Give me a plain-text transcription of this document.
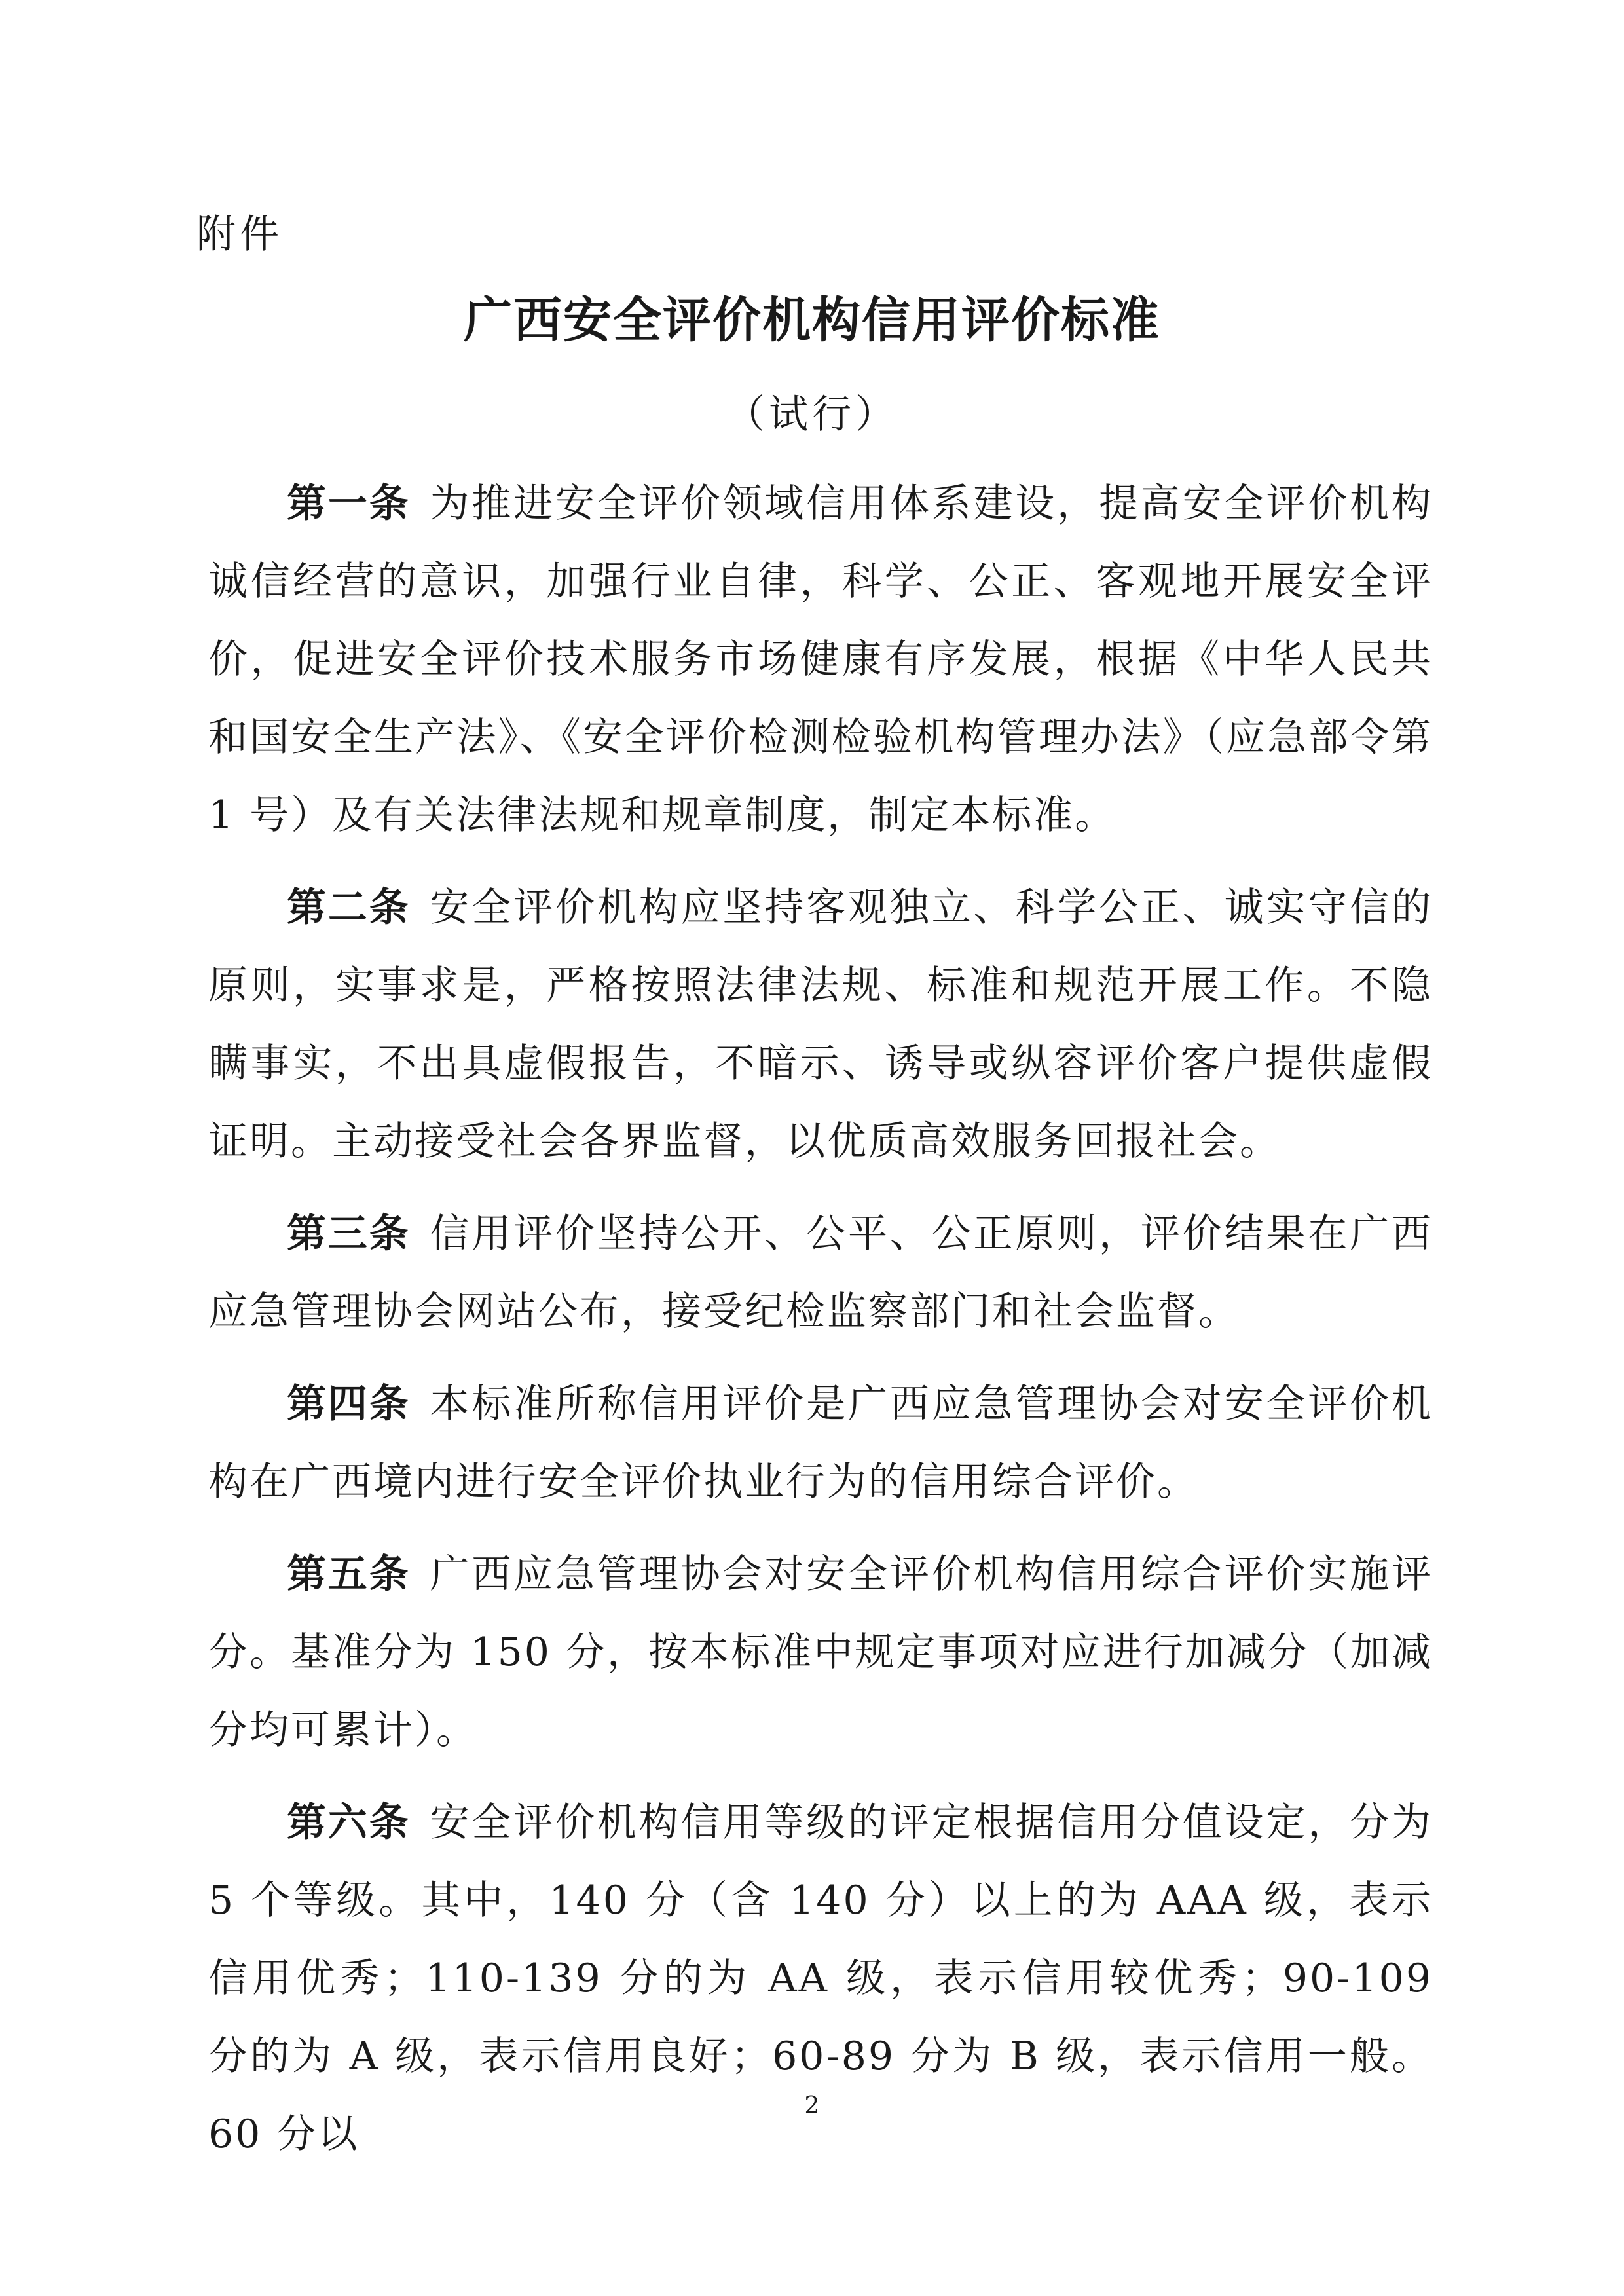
附件
广西安全评价机构信用评价标准
（试行）

第一条 为推进安全评价领域信用体系建设，提高安全评价机构诚信经营的意识，加强行业自律，科学、公正、客观地开展安全评价，促进安全评价技术服务市场健康有序发展，根据《中华人民共和国安全生产法》、《安全评价检测检验机构管理办法》（应急部令第 1 号）及有关法律法规和规章制度，制定本标准。

第二条 安全评价机构应坚持客观独立、科学公正、诚实守信的原则，实事求是，严格按照法律法规、标准和规范开展工作。不隐瞒事实，不出具虚假报告，不暗示、诱导或纵容评价客户提供虚假证明。主动接受社会各界监督，以优质高效服务回报社会。

第三条 信用评价坚持公开、公平、公正原则，评价结果在广西应急管理协会网站公布，接受纪检监察部门和社会监督。

第四条 本标准所称信用评价是广西应急管理协会对安全评价机构在广西境内进行安全评价执业行为的信用综合评价。

第五条 广西应急管理协会对安全评价机构信用综合评价实施评分。基准分为 150 分，按本标准中规定事项对应进行加减分（加减分均可累计）。

第六条 安全评价机构信用等级的评定根据信用分值设定，分为 5 个等级。其中，140 分（含 140 分）以上的为 AAA 级，表示信用优秀；110-139 分的为 AA 级，表示信用较优秀；90-109 分的为 A 级，表示信用良好；60-89 分为 B 级，表示信用一般。60 分以

2
